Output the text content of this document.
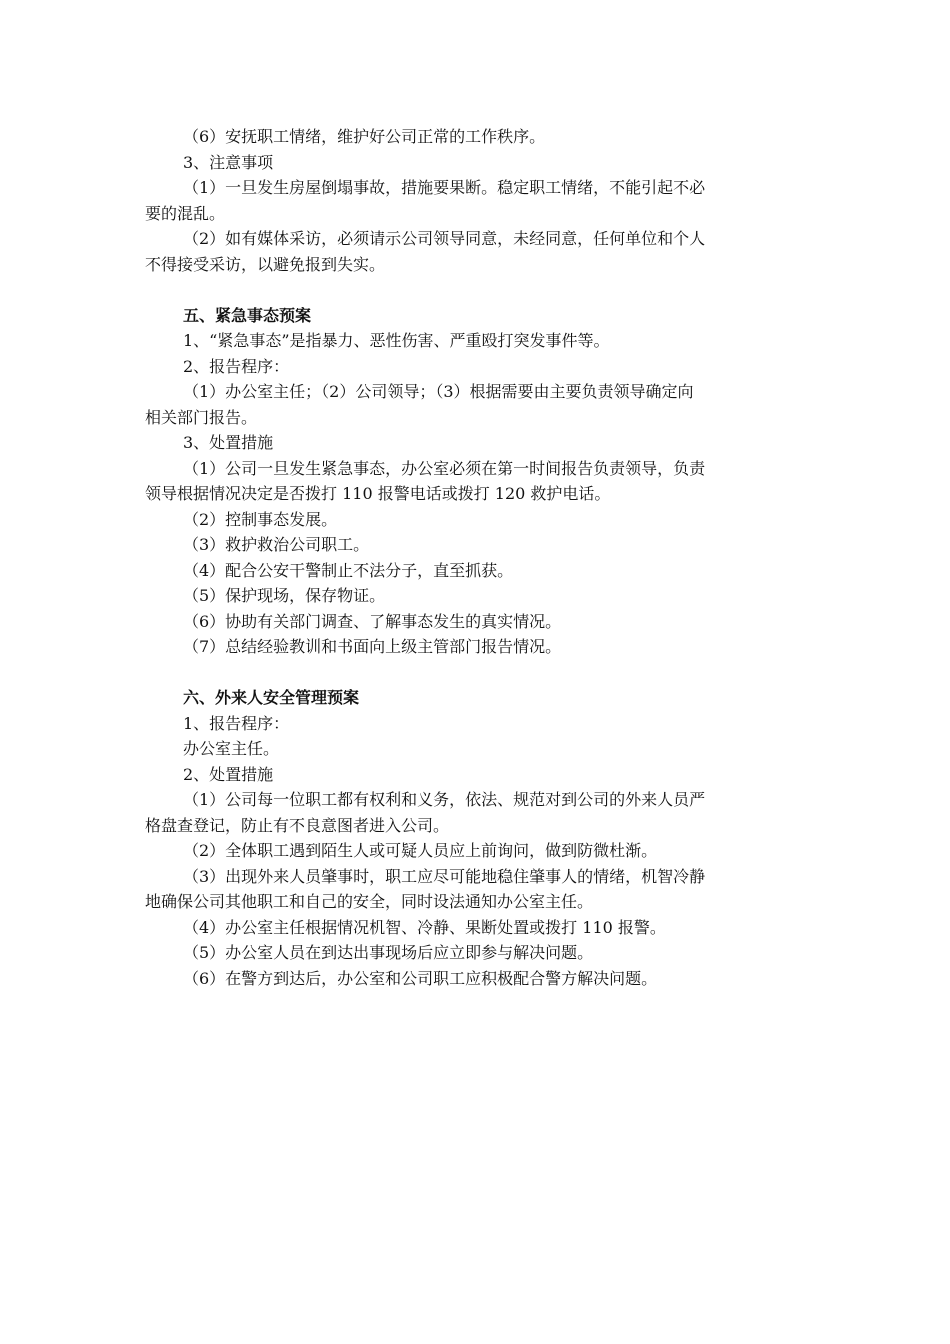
（6）安抚职工情绪，维护好公司正常的工作秩序。
3、注意事项
（1）一旦发生房屋倒塌事故，措施要果断。稳定职工情绪，不能引起不必
要的混乱。
（2）如有媒体采访，必须请示公司领导同意，未经同意，任何单位和个人
不得接受采访，以避免报到失实。
五、紧急事态预案
1、“紧急事态”是指暴力、恶性伤害、严重殴打突发事件等。
2、报告程序：
（1）办公室主任；（2）公司领导；（3）根据需要由主要负责领导确定向
相关部门报告。
3、处置措施
（1）公司一旦发生紧急事态，办公室必须在第一时间报告负责领导，负责
领导根据情况决定是否拨打 110 报警电话或拨打 120 救护电话。
（2）控制事态发展。
（3）救护救治公司职工。
（4）配合公安干警制止不法分子，直至抓获。
（5）保护现场，保存物证。
（6）协助有关部门调查、了解事态发生的真实情况。
（7）总结经验教训和书面向上级主管部门报告情况。
六、外来人安全管理预案
1、报告程序：
办公室主任。
2、处置措施
（1）公司每一位职工都有权利和义务，依法、规范对到公司的外来人员严
格盘查登记，防止有不良意图者进入公司。
（2）全体职工遇到陌生人或可疑人员应上前询问，做到防微杜渐。
（3）出现外来人员肇事时，职工应尽可能地稳住肇事人的情绪，机智冷静
地确保公司其他职工和自己的安全，同时设法通知办公室主任。
（4）办公室主任根据情况机智、冷静、果断处置或拨打 110 报警。
（5）办公室人员在到达出事现场后应立即参与解决问题。
（6）在警方到达后，办公室和公司职工应积极配合警方解决问题。
